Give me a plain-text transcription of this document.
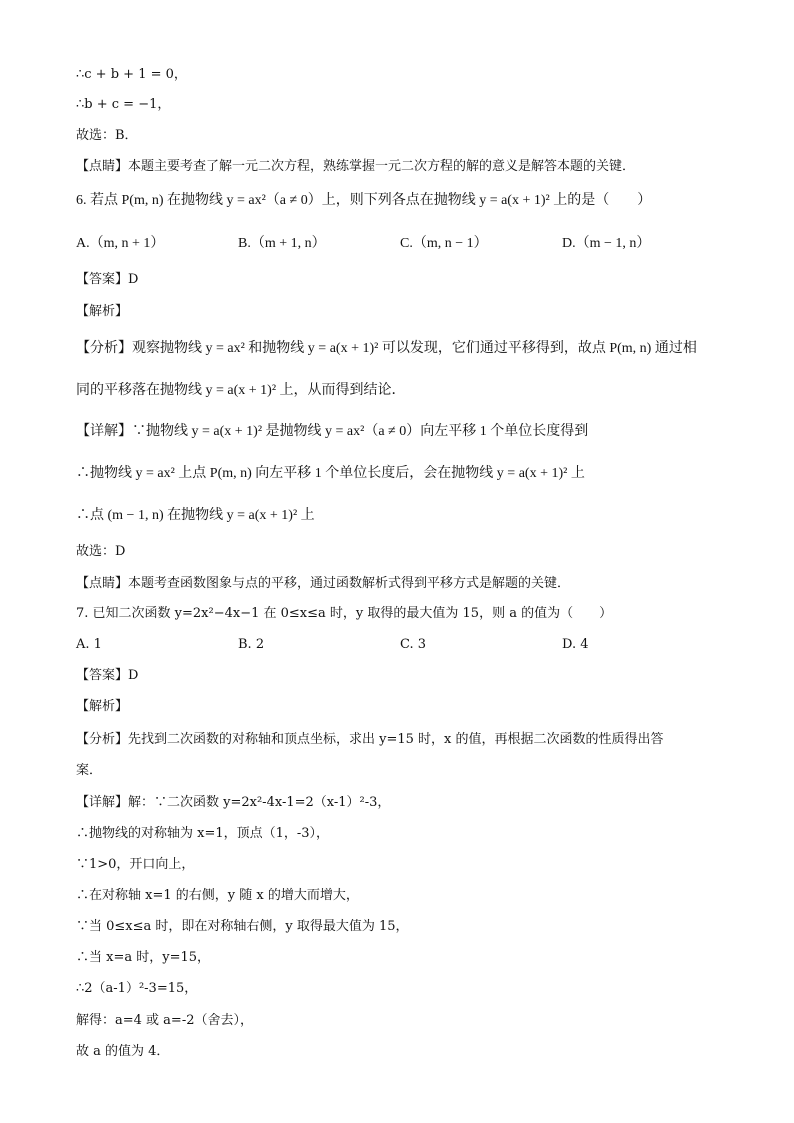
∴c + b + 1 = 0，
∴b + c = −1，
故选：B．
【点睛】本题主要考查了解一元二次方程，熟练掌握一元二次方程的解的意义是解答本题的关键．
6. 若点 P(m, n) 在抛物线 y = ax²（a ≠ 0）上，则下列各点在抛物线 y = a(x + 1)² 上的是（　　）
A.（m, n + 1）	B.（m + 1, n）	C.（m, n − 1）	D.（m − 1, n）
【答案】D
【解析】
【分析】观察抛物线 y = ax² 和抛物线 y = a(x + 1)² 可以发现，它们通过平移得到，故点 P(m, n) 通过相
同的平移落在抛物线 y = a(x + 1)² 上，从而得到结论．
【详解】∵抛物线 y = a(x + 1)² 是抛物线 y = ax²（a ≠ 0）向左平移 1 个单位长度得到
∴抛物线 y = ax² 上点 P(m, n) 向左平移 1 个单位长度后，会在抛物线 y = a(x + 1)² 上
∴点 (m − 1, n) 在抛物线 y = a(x + 1)² 上
故选：D
【点睛】本题考查函数图象与点的平移，通过函数解析式得到平移方式是解题的关键．
7. 已知二次函数 y=2x²−4x−1 在 0≤x≤a 时，y 取得的最大值为 15，则 a 的值为（　　）
A. 1	B. 2	C. 3	D. 4
【答案】D
【解析】
【分析】先找到二次函数的对称轴和顶点坐标，求出 y=15 时，x 的值，再根据二次函数的性质得出答
案．
【详解】解：∵二次函数 y=2x²-4x-1=2（x-1）²-3，
∴抛物线的对称轴为 x=1，顶点（1，-3），
∵1>0，开口向上，
∴在对称轴 x=1 的右侧，y 随 x 的增大而增大，
∵当 0≤x≤a 时，即在对称轴右侧，y 取得最大值为 15，
∴当 x=a 时，y=15，
∴2（a-1）²-3=15，
解得：a=4 或 a=-2（舍去），
故 a 的值为 4．
